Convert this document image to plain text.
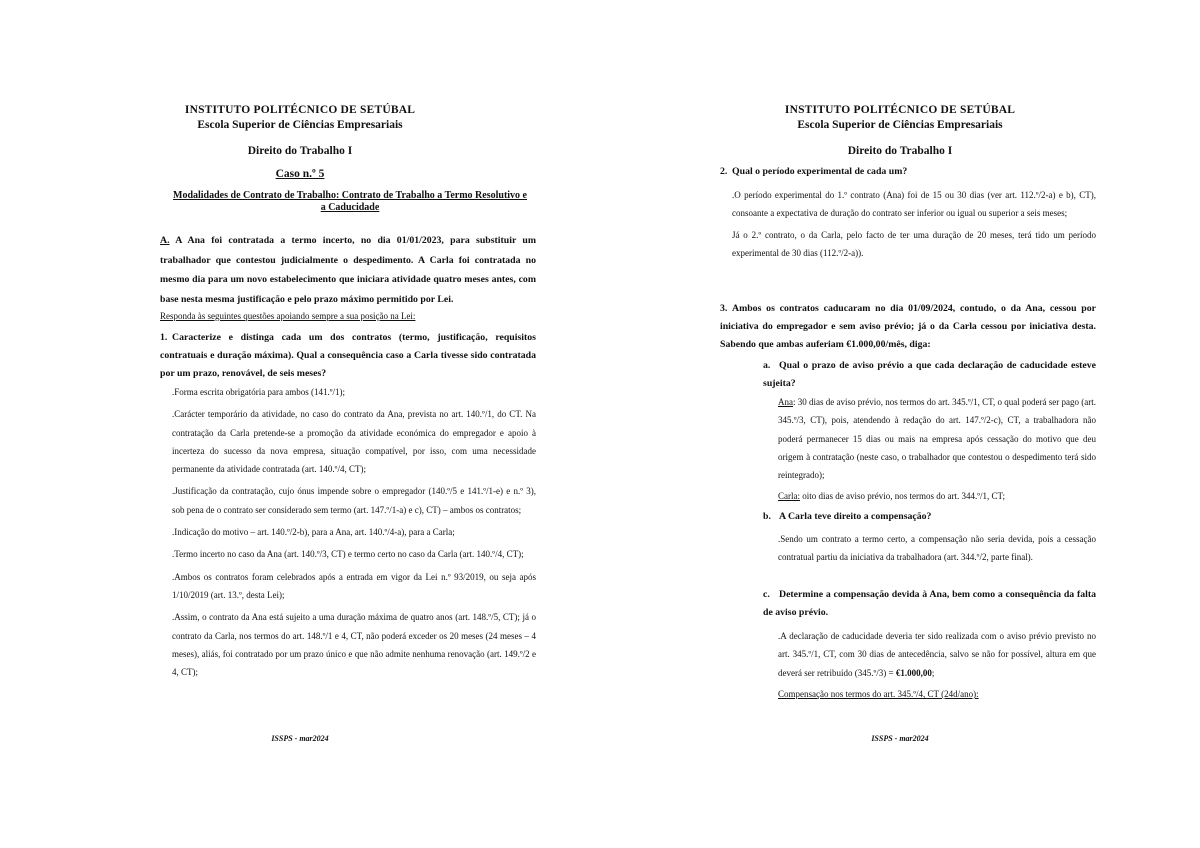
INSTITUTO POLITÉCNICO DE SETÚBAL
Escola Superior de Ciências Empresariais
Direito do Trabalho I
Caso n.º 5
Modalidades de Contrato de Trabalho: Contrato de Trabalho a Termo Resolutivo e a Caducidade
A. A Ana foi contratada a termo incerto, no dia 01/01/2023, para substituir um trabalhador que contestou judicialmente o despedimento. A Carla foi contratada no mesmo dia para um novo estabelecimento que iniciara atividade quatro meses antes, com base nesta mesma justificação e pelo prazo máximo permitido por Lei.
Responda às seguintes questões apoiando sempre a sua posição na Lei:
1. Caracterize e distinga cada um dos contratos (termo, justificação, requisitos contratuais e duração máxima). Qual a consequência caso a Carla tivesse sido contratada por um prazo, renovável, de seis meses?

.Forma escrita obrigatória para ambos (141.º/1);

.Carácter temporário da atividade, no caso do contrato da Ana, prevista no art. 140.º/1, do CT. Na contratação da Carla pretende-se a promoção da atividade económica do empregador e apoio à incerteza do sucesso da nova empresa, situação compatível, por isso, com uma necessidade permanente da atividade contratada (art. 140.º/4, CT);

.Justificação da contratação, cujo ónus impende sobre o empregador (140.º/5 e 141.º/1-e) e n.º 3), sob pena de o contrato ser considerado sem termo (art. 147.º/1-a) e c), CT) – ambos os contratos;

.Indicação do motivo – art. 140.º/2-b), para a Ana, art. 140.º/4-a), para a Carla;

.Termo incerto no caso da Ana (art. 140.º/3, CT) e termo certo no caso da Carla (art. 140.º/4, CT);

.Ambos os contratos foram celebrados após a entrada em vigor da Lei n.º 93/2019, ou seja após 1/10/2019 (art. 13.º, desta Lei);

.Assim, o contrato da Ana está sujeito a uma duração máxima de quatro anos (art. 148.º/5, CT); já o contrato da Carla, nos termos do art. 148.º/1 e 4, CT, não poderá exceder os 20 meses (24 meses – 4 meses), aliás, foi contratado por um prazo único e que não admite nenhuma renovação (art. 149.º/2 e 4, CT);

ISSPS - mar2024
INSTITUTO POLITÉCNICO DE SETÚBAL
Escola Superior de Ciências Empresariais
Direito do Trabalho I
2. Qual o período experimental de cada um?

.O período experimental do 1.º contrato (Ana) foi de 15 ou 30 dias (ver art. 112.º/2-a) e b), CT), consoante a expectativa de duração do contrato ser inferior ou igual ou superior a seis meses;

Já o 2.º contrato, o da Carla, pelo facto de ter uma duração de 20 meses, terá tido um período experimental de 30 dias (112.º/2-a)).

3. Ambos os contratos caducaram no dia 01/09/2024, contudo, o da Ana, cessou por iniciativa do empregador e sem aviso prévio; já o da Carla cessou por iniciativa desta. Sabendo que ambas auferiam €1.000,00/mês, diga:
a. Qual o prazo de aviso prévio a que cada declaração de caducidade esteve sujeita?

Ana: 30 dias de aviso prévio, nos termos do art. 345.º/1, CT, o qual poderá ser pago (art. 345.º/3, CT), pois, atendendo à redação do art. 147.º/2-c), CT, a trabalhadora não poderá permanecer 15 dias ou mais na empresa após cessação do motivo que deu origem à contratação (neste caso, o trabalhador que contestou o despedimento terá sido reintegrado);

Carla: oito dias de aviso prévio, nos termos do art. 344.º/1, CT;

b. A Carla teve direito a compensação?
.Sendo um contrato a termo certo, a compensação não seria devida, pois a cessação contratual partiu da iniciativa da trabalhadora (art. 344.º/2, parte final).
c. Determine a compensação devida à Ana, bem como a consequência da falta de aviso prévio.

.A declaração de caducidade deveria ter sido realizada com o aviso prévio previsto no art. 345.º/1, CT, com 30 dias de antecedência, salvo se não for possível, altura em que deverá ser retribuído (345.º/3) = €1.000,00;

Compensação nos termos do art. 345.º/4, CT (24d/ano):

ISSPS - mar2024
